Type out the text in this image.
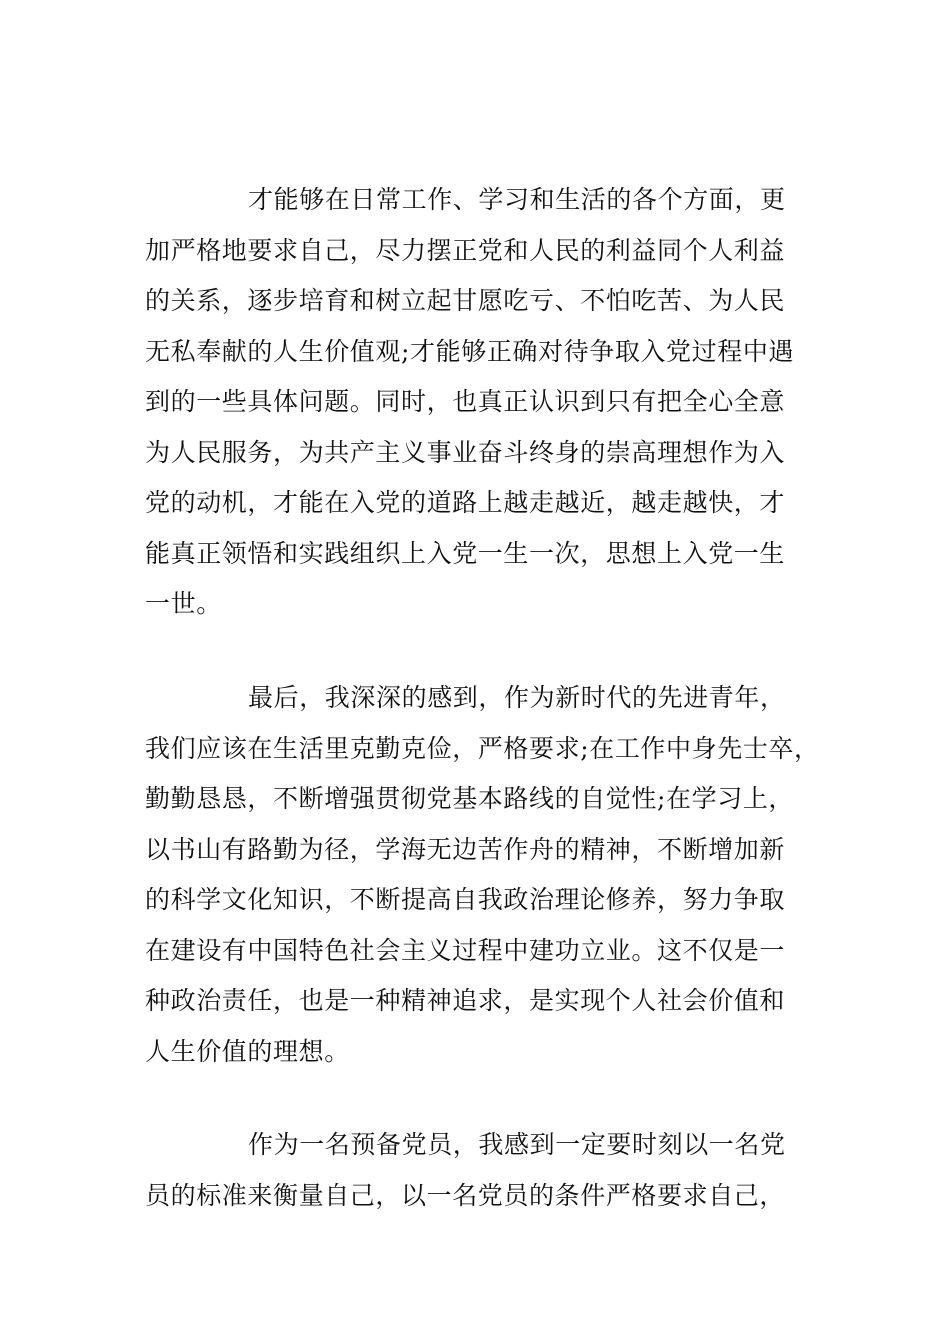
才能够在日常工作、学习和生活的各个方面，更
加严格地要求自己，尽力摆正党和人民的利益同个人利益
的关系，逐步培育和树立起甘愿吃亏、不怕吃苦、为人民
无私奉献的人生价值观;才能够正确对待争取入党过程中遇
到的一些具体问题。同时，也真正认识到只有把全心全意
为人民服务，为共产主义事业奋斗终身的崇高理想作为入
党的动机，才能在入党的道路上越走越近，越走越快，才
能真正领悟和实践组织上入党一生一次，思想上入党一生
一世。
最后，我深深的感到，作为新时代的先进青年，
我们应该在生活里克勤克俭，严格要求;在工作中身先士卒，
勤勤恳恳，不断增强贯彻党基本路线的自觉性;在学习上，
以书山有路勤为径，学海无边苦作舟的精神，不断增加新
的科学文化知识，不断提高自我政治理论修养，努力争取
在建设有中国特色社会主义过程中建功立业。这不仅是一
种政治责任，也是一种精神追求，是实现个人社会价值和
人生价值的理想。
作为一名预备党员，我感到一定要时刻以一名党
员的标准来衡量自己，以一名党员的条件严格要求自己，
